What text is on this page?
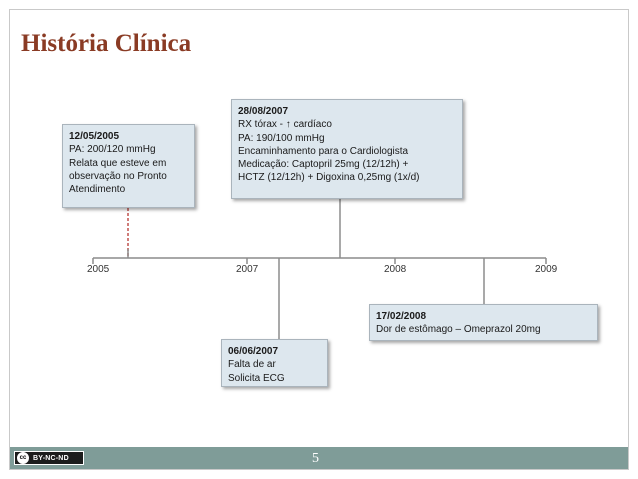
História Clínica
2005	2007	2008	2009
12/05/2005
PA: 200/120 mmHg
Relata que esteve em
observação no Pronto
Atendimento
28/08/2007
RX tórax - ↑ cardíaco
PA: 190/100 mmHg
Encaminhamento para o Cardiologista
Medicação: Captopril 25mg (12/12h) +
HCTZ (12/12h) + Digoxina 0,25mg (1x/d)
06/06/2007
Falta de ar
Solicita ECG
17/02/2008
Dor de estômago – Omeprazol 20mg
cc BY-NC-ND	5
